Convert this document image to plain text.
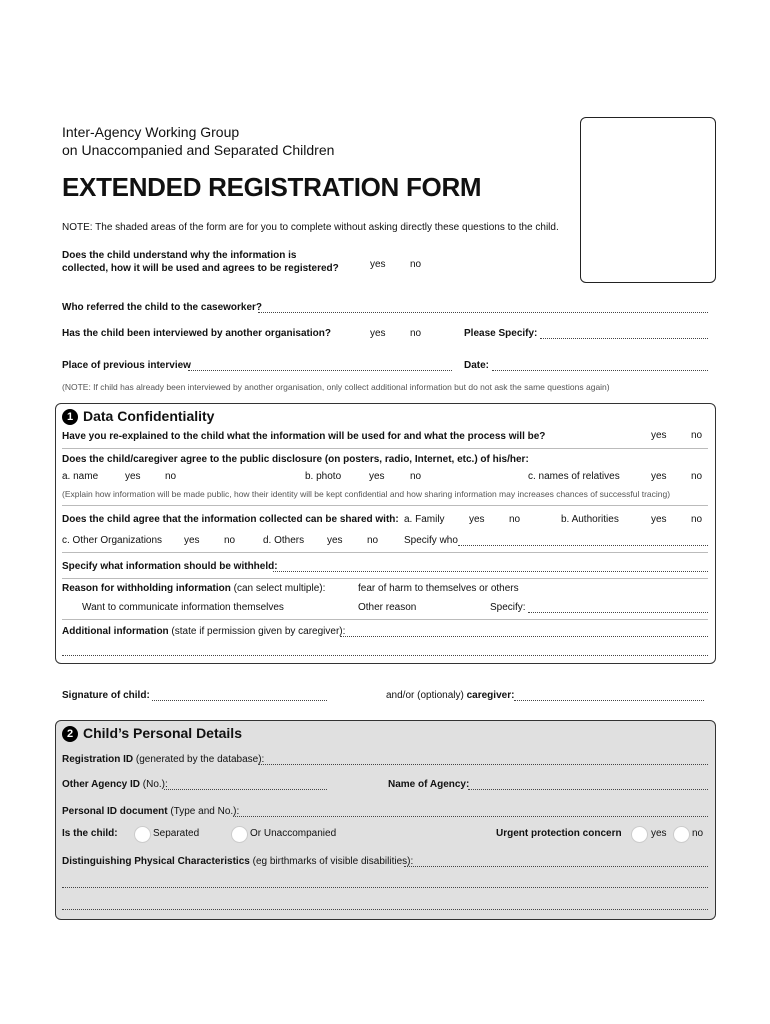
Inter-Agency Working Group
on Unaccompanied and Separated Children
EXTENDED REGISTRATION FORM
NOTE: The shaded areas of the form are for you to complete without asking directly these questions to the child.
Does the child understand why the information is
collected, how it will be used and agrees to be registered?	yes no
Who referred the child to the caseworker?
Has the child been interviewed by another organisation?	yes no	Please Specify:
Place of previous interview	Date:
(NOTE: If child has already been interviewed by another organisation, only collect additional information but do not ask the same questions again)
1 Data Confidentiality
Have you re-explained to the child what the information will be used for and what the process will be?	yes no
Does the child/caregiver agree to the public disclosure (on posters, radio, Internet, etc.) of his/her:
a. name	yes no	b. photo	yes	no	c. names of relatives	yes no
(Explain how information will be made public, how their identity will be kept confidential and how sharing information may increases chances of successful tracing)
Does the child agree that the information collected can be shared with: a. Family yes no	b. Authorities	yes no
c. Other Organizations yes no	d. Others yes no	Specify who
Specify what information should be withheld:
Reason for withholding information (can select multiple):	fear of harm to themselves or others
Want to communicate information themselves	Other reason	Specify:
Additional information (state if permission given by caregiver):
Signature of child:	and/or (optionaly) caregiver:
2 Child’s Personal Details
Registration ID (generated by the database):
Other Agency ID (No.):	Name of Agency:
Personal ID document (Type and No.):
Is the child:	Separated	Or Unaccompanied	Urgent protection concern	yes	no
Distinguishing Physical Characteristics (eg birthmarks of visible disabilities):
